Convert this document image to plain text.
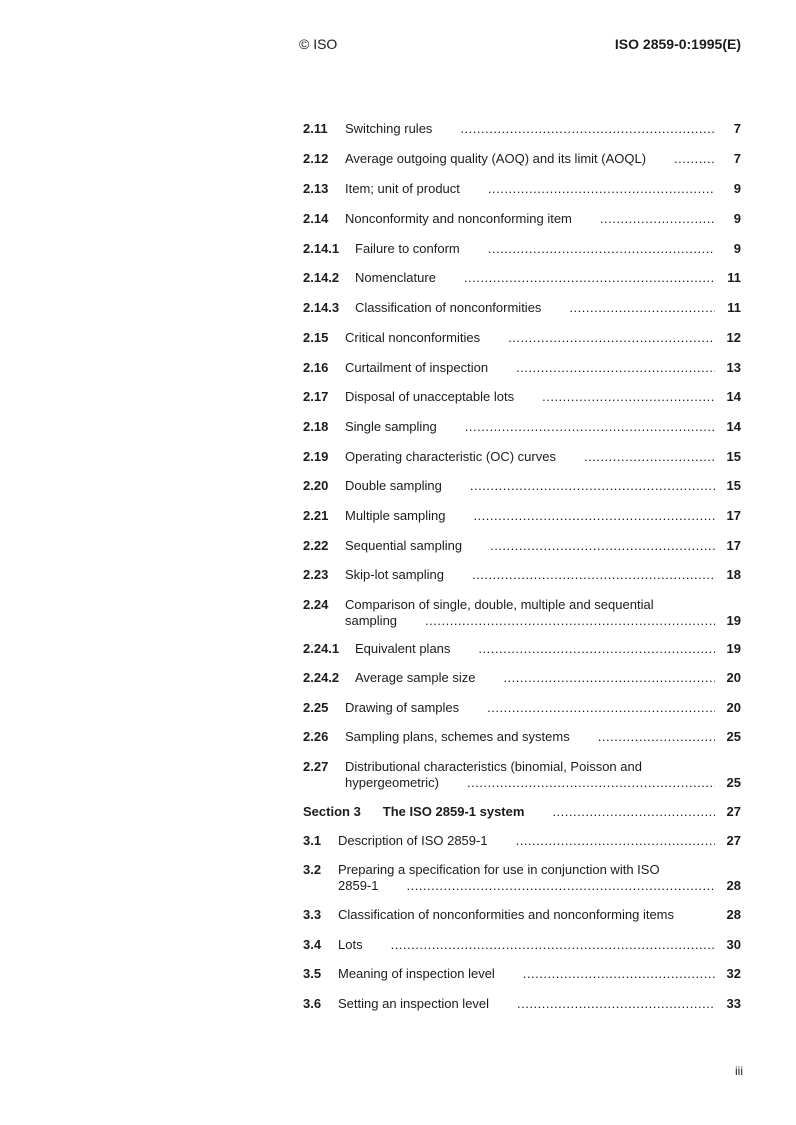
© ISO	ISO 2859-0:1995(E)
2.11 Switching rules .....	7
2.12 Average outgoing quality (AOQ) and its limit (AOQL) .....	7
2.13 Item; unit of product .....	9
2.14 Nonconformity and nonconforming item .....	9
2.14.1 Failure to conform .....	9
2.14.2 Nomenclature .....	11
2.14.3 Classification of nonconformities .....	11
2.15 Critical nonconformities .....	12
2.16 Curtailment of inspection .....	13
2.17 Disposal of unacceptable lots .....	14
2.18 Single sampling .....	14
2.19 Operating characteristic (OC) curves .....	15
2.20 Double sampling .....	15
2.21 Multiple sampling .....	17
2.22 Sequential sampling .....	17
2.23 Skip-lot sampling .....	18
2.24 Comparison of single, double, multiple and sequential
sampling .....	19
2.24.1 Equivalent plans .....	19
2.24.2 Average sample size .....	20
2.25 Drawing of samples .....	20
2.26 Sampling plans, schemes and systems .....	25
2.27 Distributional characteristics (binomial, Poisson and
hypergeometric) .....	25
Section 3 The ISO 2859-1 system .....	27
3.1 Description of ISO 2859-1 .....	27
3.2 Preparing a specification for use in conjunction with ISO
2859-1 .....	28
3.3 Classification of nonconformities and nonconforming items	28
3.4 Lots .....	30
3.5 Meaning of inspection level .....	32
3.6 Setting an inspection level .....	33
iii
